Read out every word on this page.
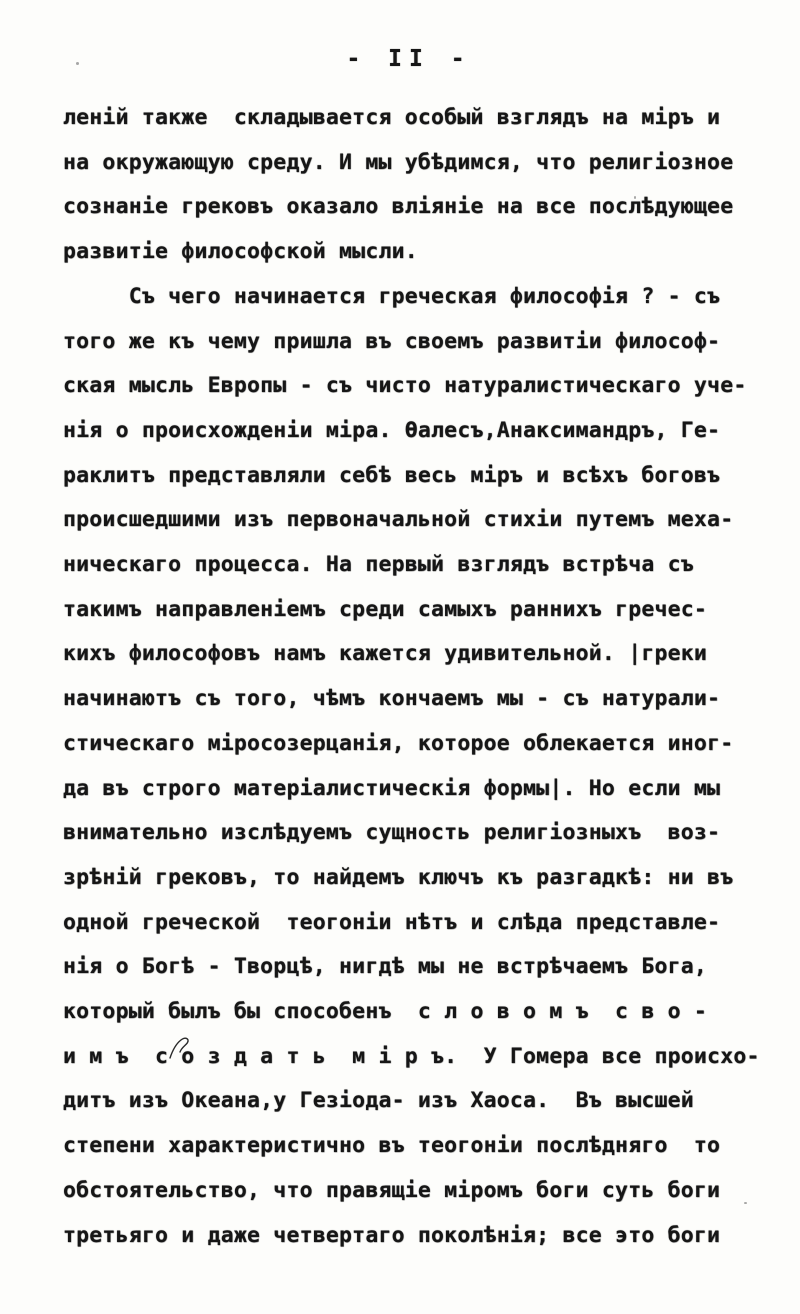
- II -
леній также  складывается особый взглядъ на міръ и
на окружающую среду. И мы убѣдимся, что религіозное
сознаніе грековъ оказало вліяніе на все послѣдующее
развитіе философской мысли.
Съ чего начинается греческая философія ? - съ
того же къ чему пришла въ своемъ развитіи философ-
ская мысль Европы - съ чисто натуралистическаго уче-
нія о происхожденіи міра. Ѳалесъ,Анаксимандръ, Ге-
раклитъ представляли себѣ весь міръ и всѣхъ боговъ
происшедшими изъ первоначальной стихіи путемъ меха-
ническаго процесса. На первый взглядъ встрѣча съ
такимъ направленіемъ среди самыхъ раннихъ гречес-
кихъ философовъ намъ кажется удивительной. |греки
начинаютъ съ того, чѣмъ кончаемъ мы - съ натурали-
стическаго міросозерцанія, которое облекается иног-
да въ строго матеріалистическія формы|. Но если мы
внимательно изслѣдуемъ сущность религіозныхъ  воз-
зрѣній грековъ, то найдемъ ключъ къ разгадкѣ: ни въ
одной греческой  теогоніи нѣтъ и слѣда представле-
нія о Богѣ - Творцѣ, нигдѣ мы не встрѣчаемъ Бога,
который былъ бы способенъ  с л о в о м ъ  с в о -
и м ъ  с о з д а т ь  м і р ъ.  У Гомера все происхо-
дитъ изъ Океана,у Гезіода- изъ Хаоса.  Въ высшей
степени характеристично въ теогоніи послѣдняго  то
обстоятельство, что правящіе міромъ боги суть боги
третьяго и даже четвертаго поколѣнія; все это боги
